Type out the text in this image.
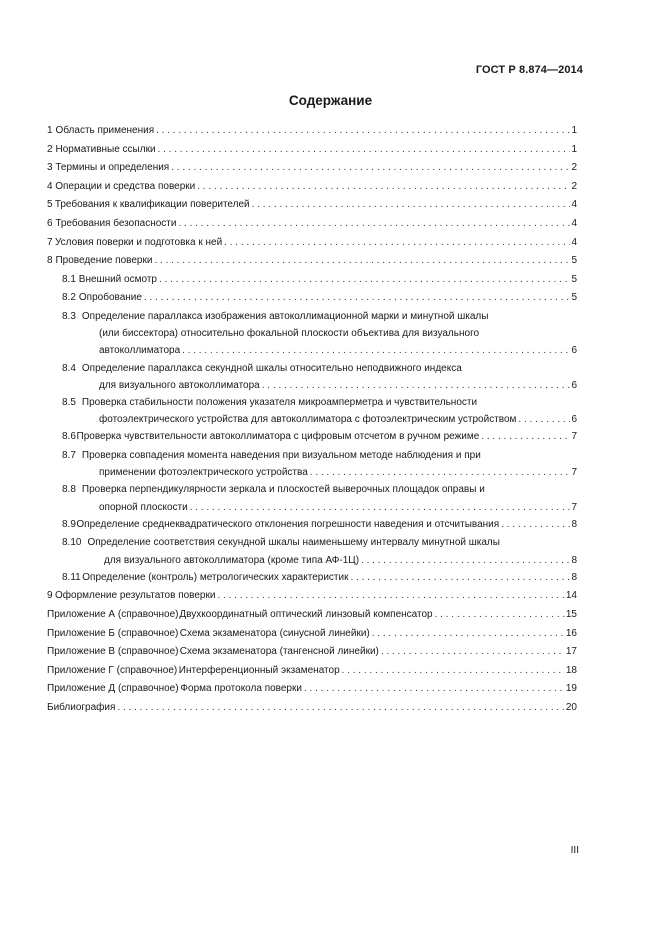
ГОСТ Р 8.874—2014
Содержание
1 Область применения . . .	1
2 Нормативные ссылки . . .	1
3 Термины и определения . . .	2
4 Операции и средства поверки . . .	2
5 Требования к квалификации поверителей . . .	4
6 Требования безопасности . . .	4
7 Условия поверки и подготовка к ней . . .	4
8 Проведение поверки . . .	5
8.1 Внешний осмотр . . .	5
8.2 Опробование . . .	5
8.3 Определение параллакса изображения автоколлимационной марки и минутной шкалы
(или биссектора) относительно фокальной плоскости объектива для визуального
автоколлиматора . . .	6
8.4 Определение параллакса секундной шкалы относительно неподвижного индекса
для визуального автоколлиматора . . .	6
8.5 Проверка стабильности положения указателя микроамперметра и чувствительности
фотоэлектрического устройства для автоколлиматора с фотоэлектрическим устройством . . .	6
8.6 Проверка чувствительности автоколлиматора с цифровым отсчетом в ручном режиме . . .	7
8.7 Проверка совпадения момента наведения при визуальном методе наблюдения и при
применении фотоэлектрического устройства . . .	7
8.8 Проверка перпендикулярности зеркала и плоскостей выверочных площадок оправы и
опорной плоскости . . .	7
8.9 Определение среднеквадратического отклонения погрешности наведения и отсчитывания . . .	8
8.10 Определение соответствия секундной шкалы наименьшему интервалу минутной шкалы
для визуального автоколлиматора (кроме типа АФ-1Ц) . . .	8
8.11 Определение (контроль) метрологических характеристик . . .	8
9 Оформление результатов поверки . . .	14
Приложение А (справочное) Двухкоординатный оптический линзовый компенсатор . . .	15
Приложение Б (справочное) Схема экзаменатора (синусной линейки) . . .	16
Приложение В (справочное) Схема экзаменатора (тангенсной линейки) . . .	17
Приложение Г (справочное) Интерференционный экзаменатор . . .	18
Приложение Д (справочное) Форма протокола поверки . . .	19
Библиография . . .	20
III
